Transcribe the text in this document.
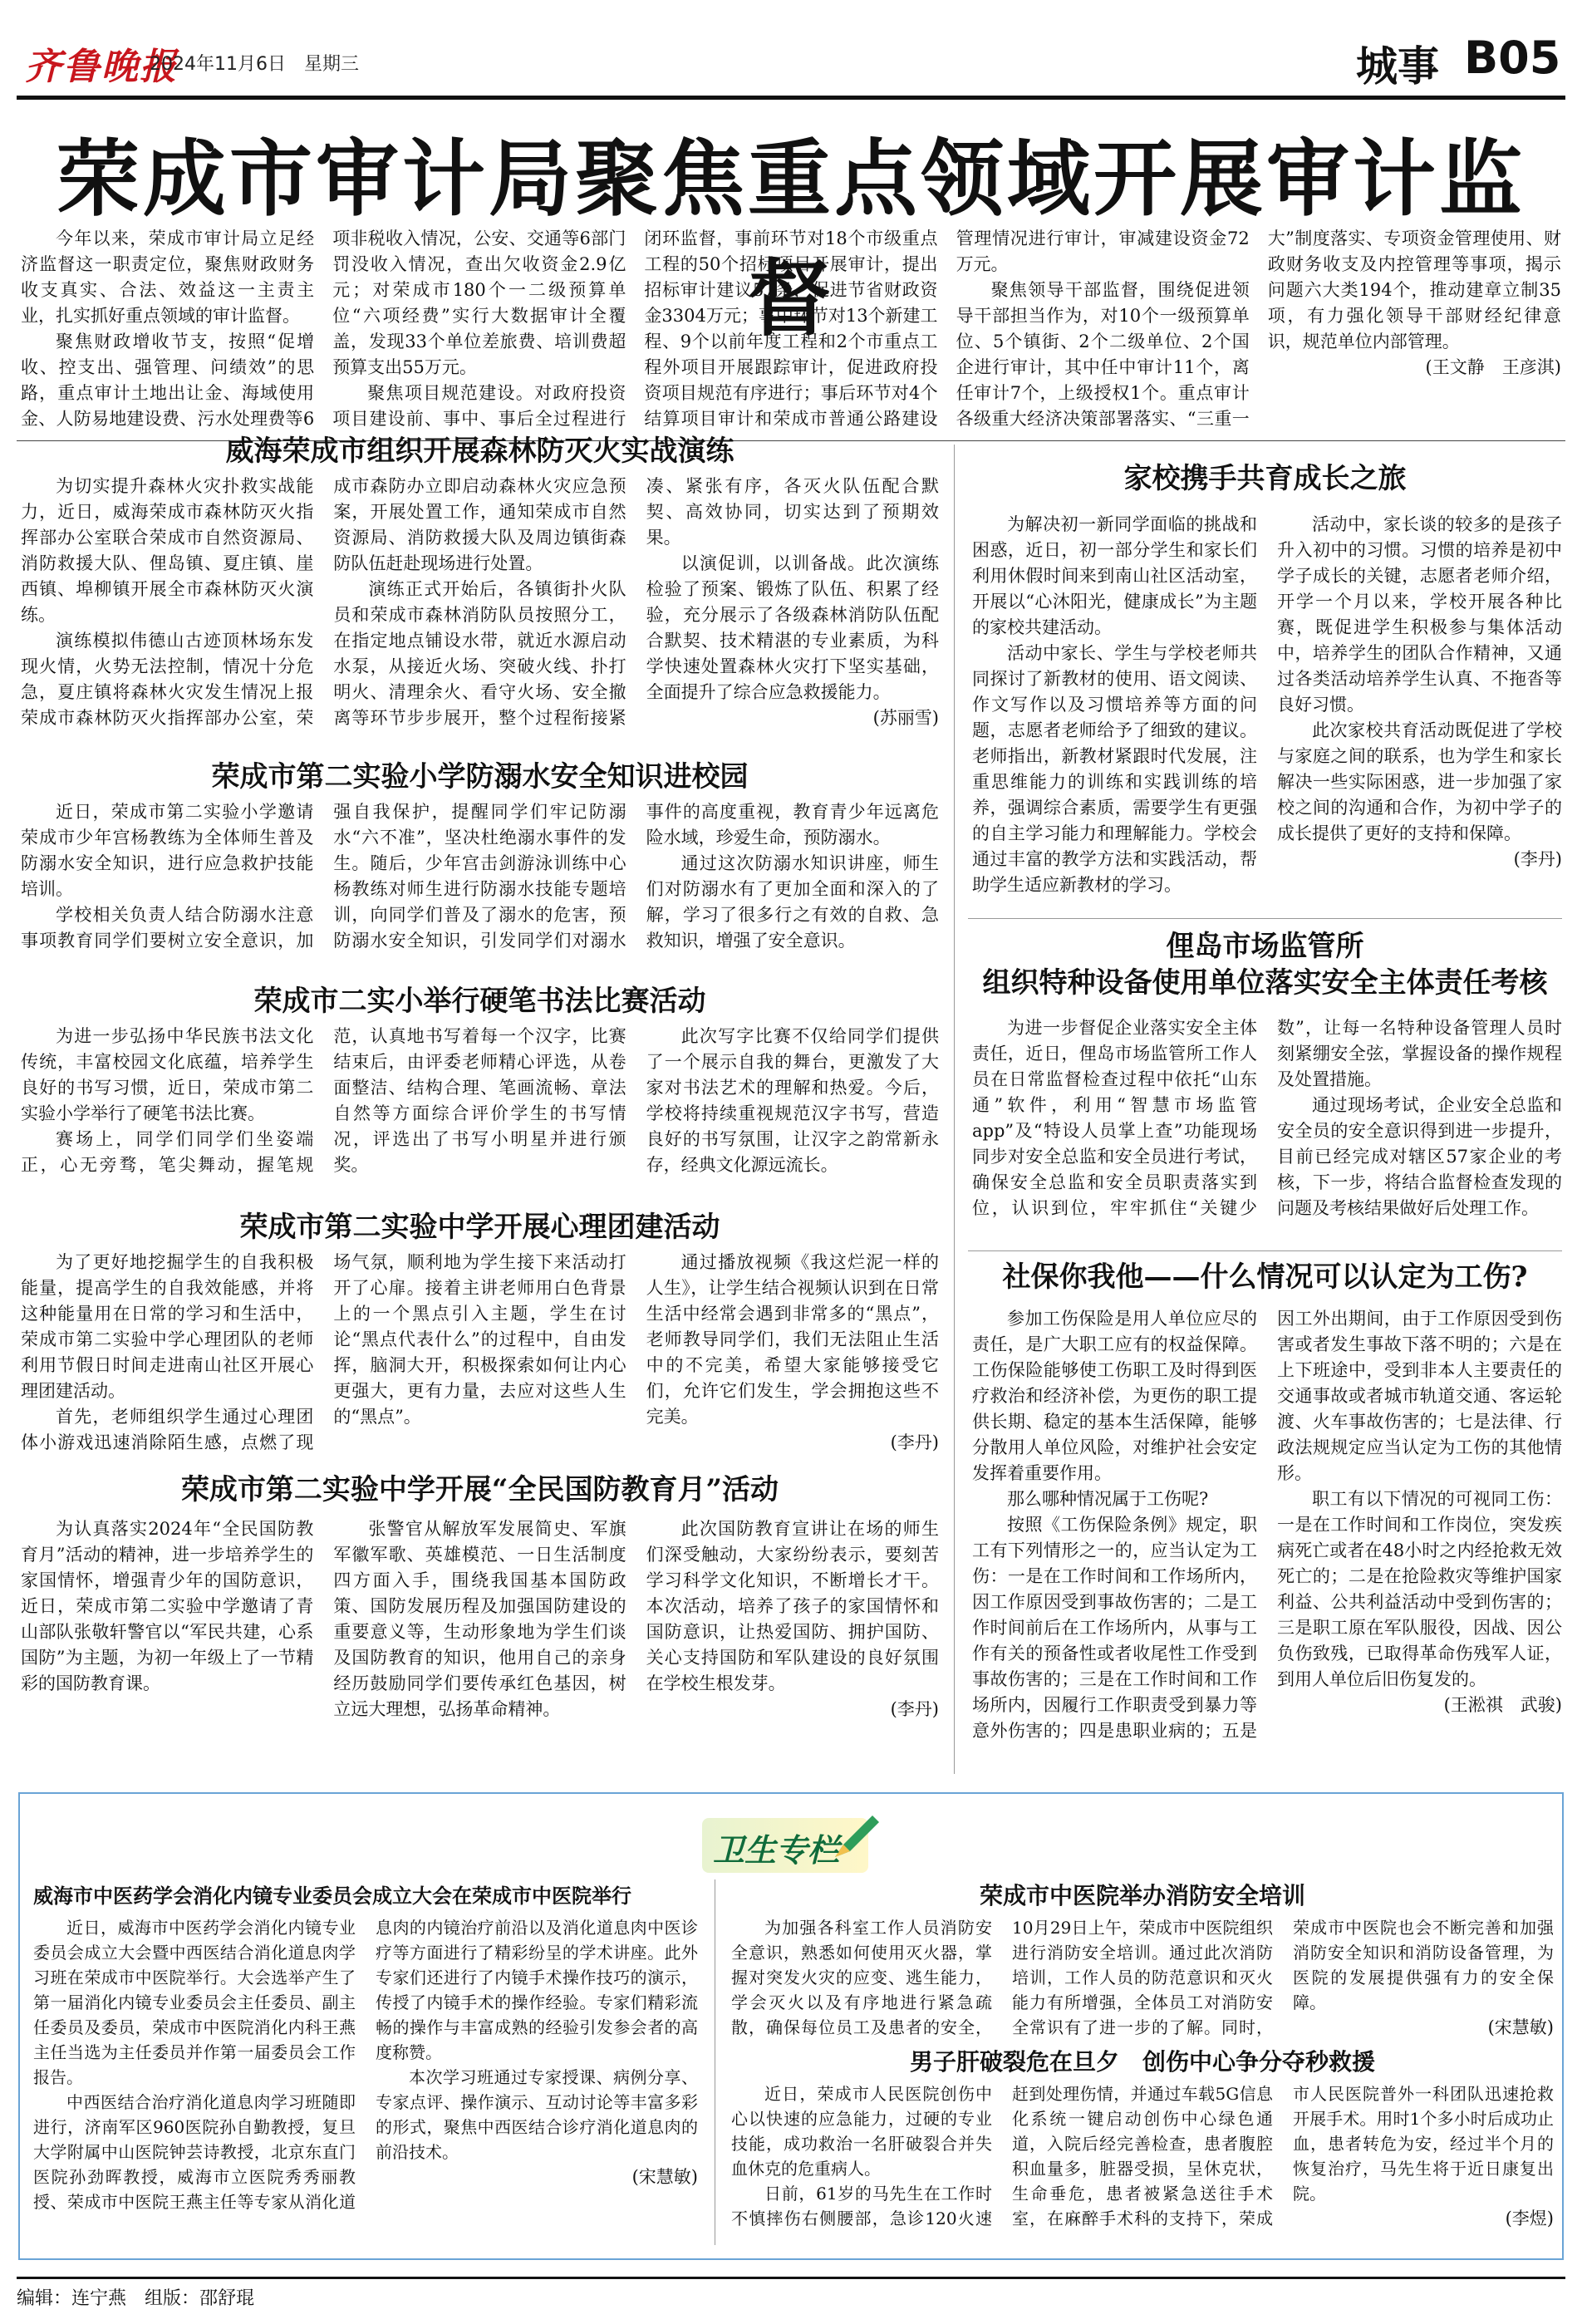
齐鲁晚报
2024年11月6日　星期三	城事 B05
荣成市审计局聚焦重点领域开展审计监督

今年以来，荣成市审计局立足经济监督这一职责定位，聚焦财政财务收支真实、合法、效益这一主责主业，扎实抓好重点领域的审计监督。

聚焦财政增收节支，按照“促增收、控支出、强管理、问绩效”的思路，重点审计土地出让金、海域使用金、人防易地建设费、污水处理费等6项非税收入情况，公安、交通等6部门罚没收入情况，查出欠收资金2.9亿元；对荣成市180个一二级预算单位“六项经费”实行大数据审计全覆盖，发现33个单位差旅费、培训费超预算支出55万元。

聚焦项目规范建设。对政府投资项目建设前、事中、事后全过程进行闭环监督，事前环节对18个市级重点工程的50个招标项目开展审计，提出招标审计建议57条，促进节省财政资金3304万元；事中环节对13个新建工程、9个以前年度工程和2个市重点工程外项目开展跟踪审计，促进政府投资项目规范有序进行；事后环节对4个结算项目审计和荣成市普通公路建设管理情况进行审计，审减建设资金72万元。

聚焦领导干部监督，围绕促进领导干部担当作为，对10个一级预算单位、5个镇街、2个二级单位、2个国企进行审计，其中任中审计11个，离任审计7个，上级授权1个。重点审计各级重大经济决策部署落实、“三重一大”制度落实、专项资金管理使用、财政财务收支及内控管理等事项，揭示问题六大类194个，推动建章立制35项，有力强化领导干部财经纪律意识，规范单位内部管理。

(王文静　王彦淇)
威海荣成市组织开展森林防灭火实战演练

为切实提升森林火灾扑救实战能力，近日，威海荣成市森林防灭火指挥部办公室联合荣成市自然资源局、消防救援大队、俚岛镇、夏庄镇、崖西镇、埠柳镇开展全市森林防灭火演练。

演练模拟伟德山古迹顶林场东发现火情，火势无法控制，情况十分危急，夏庄镇将森林火灾发生情况上报荣成市森林防灭火指挥部办公室，荣成市森防办立即启动森林火灾应急预案，开展处置工作，通知荣成市自然资源局、消防救援大队及周边镇街森防队伍赶赴现场进行处置。

演练正式开始后，各镇街扑火队员和荣成市森林消防队员按照分工，在指定地点铺设水带，就近水源启动水泵，从接近火场、突破火线、扑打明火、清理余火、看守火场、安全撤离等环节步步展开，整个过程衔接紧凑、紧张有序，各灭火队伍配合默契、高效协同，切实达到了预期效果。

以演促训，以训备战。此次演练检验了预案、锻炼了队伍、积累了经验，充分展示了各级森林消防队伍配合默契、技术精湛的专业素质，为科学快速处置森林火灾打下坚实基础，全面提升了综合应急救援能力。

(苏丽雪)
荣成市第二实验小学防溺水安全知识进校园

近日，荣成市第二实验小学邀请荣成市少年宫杨教练为全体师生普及防溺水安全知识，进行应急救护技能培训。

学校相关负责人结合防溺水注意事项教育同学们要树立安全意识，加强自我保护，提醒同学们牢记防溺水“六不准”，坚决杜绝溺水事件的发生。随后，少年宫击剑游泳训练中心杨教练对师生进行防溺水技能专题培训，向同学们普及了溺水的危害，预防溺水安全知识，引发同学们对溺水事件的高度重视，教育青少年远离危险水域，珍爱生命，预防溺水。

通过这次防溺水知识讲座，师生们对防溺水有了更加全面和深入的了解，学习了很多行之有效的自救、急救知识，增强了安全意识。

荣成市二实小举行硬笔书法比赛活动

为进一步弘扬中华民族书法文化传统，丰富校园文化底蕴，培养学生良好的书写习惯，近日，荣成市第二实验小学举行了硬笔书法比赛。

赛场上，同学们同学们坐姿端正，心无旁骛，笔尖舞动，握笔规范，认真地书写着每一个汉字，比赛结束后，由评委老师精心评选，从卷面整洁、结构合理、笔画流畅、章法自然等方面综合评价学生的书写情况，评选出了书写小明星并进行颁奖。

此次写字比赛不仅给同学们提供了一个展示自我的舞台，更激发了大家对书法艺术的理解和热爱。今后，学校将持续重视规范汉字书写，营造良好的书写氛围，让汉字之韵常新永存，经典文化源远流长。

荣成市第二实验中学开展心理团建活动

为了更好地挖掘学生的自我积极能量，提高学生的自我效能感，并将这种能量用在日常的学习和生活中，荣成市第二实验中学心理团队的老师利用节假日时间走进南山社区开展心理团建活动。

首先，老师组织学生通过心理团体小游戏迅速消除陌生感，点燃了现场气氛，顺利地为学生接下来活动打开了心扉。接着主讲老师用白色背景上的一个黑点引入主题，学生在讨论“黑点代表什么”的过程中，自由发挥，脑洞大开，积极探索如何让内心更强大，更有力量，去应对这些人生的“黑点”。

通过播放视频《我这烂泥一样的人生》，让学生结合视频认识到在日常生活中经常会遇到非常多的“黑点”，老师教导同学们，我们无法阻止生活中的不完美，希望大家能够接受它们，允许它们发生，学会拥抱这些不完美。

(李丹)
荣成市第二实验中学开展“全民国防教育月”活动

为认真落实2024年“全民国防教育月”活动的精神，进一步培养学生的家国情怀，增强青少年的国防意识，近日，荣成市第二实验中学邀请了青山部队张敬轩警官以“军民共建，心系国防”为主题，为初一年级上了一节精彩的国防教育课。

张警官从解放军发展简史、军旗军徽军歌、英雄模范、一日生活制度四方面入手，围绕我国基本国防政策、国防发展历程及加强国防建设的重要意义等，生动形象地为学生们谈及国防教育的知识，他用自己的亲身经历鼓励同学们要传承红色基因，树立远大理想，弘扬革命精神。

此次国防教育宣讲让在场的师生们深受触动，大家纷纷表示，要刻苦学习科学文化知识，不断增长才干。本次活动，培养了孩子的家国情怀和国防意识，让热爱国防、拥护国防、关心支持国防和军队建设的良好氛围在学校生根发芽。

(李丹)
家校携手共育成长之旅

为解决初一新同学面临的挑战和困惑，近日，初一部分学生和家长们利用休假时间来到南山社区活动室，开展以“心沐阳光，健康成长”为主题的家校共建活动。

活动中家长、学生与学校老师共同探讨了新教材的使用、语文阅读、作文写作以及习惯培养等方面的问题，志愿者老师给予了细致的建议。老师指出，新教材紧跟时代发展，注重思维能力的训练和实践训练的培养，强调综合素质，需要学生有更强的自主学习能力和理解能力。学校会通过丰富的教学方法和实践活动，帮助学生适应新教材的学习。

活动中，家长谈的较多的是孩子升入初中的习惯。习惯的培养是初中学子成长的关键，志愿者老师介绍，开学一个月以来，学校开展各种比赛，既促进学生积极参与集体活动中，培养学生的团队合作精神，又通过各类活动培养学生认真、不拖沓等良好习惯。

此次家校共育活动既促进了学校与家庭之间的联系，也为学生和家长解决一些实际困惑，进一步加强了家校之间的沟通和合作，为初中学子的成长提供了更好的支持和保障。

(李丹)
俚岛市场监管所
组织特种设备使用单位落实安全主体责任考核

为进一步督促企业落实安全主体责任，近日，俚岛市场监管所工作人员在日常监督检查过程中依托“山东通”软件，利用“智慧市场监管app”及“特设人员掌上查”功能现场同步对安全总监和安全员进行考试，确保安全总监和安全员职责落实到位，认识到位，牢牢抓住“关键少数”，让每一名特种设备管理人员时刻紧绷安全弦，掌握设备的操作规程及处置措施。

通过现场考试，企业安全总监和安全员的安全意识得到进一步提升，目前已经完成对辖区57家企业的考核，下一步，将结合监督检查发现的问题及考核结果做好后处理工作。

社保你我他——什么情况可以认定为工伤?

参加工伤保险是用人单位应尽的责任，是广大职工应有的权益保障。工伤保险能够使工伤职工及时得到医疗救治和经济补偿，为更伤的职工提供长期、稳定的基本生活保障，能够分散用人单位风险，对维护社会安定发挥着重要作用。

那么哪种情况属于工伤呢?

按照《工伤保险条例》规定，职工有下列情形之一的，应当认定为工伤：一是在工作时间和工作场所内，因工作原因受到事故伤害的；二是工作时间前后在工作场所内，从事与工作有关的预备性或者收尾性工作受到事故伤害的；三是在工作时间和工作场所内，因履行工作职责受到暴力等意外伤害的；四是患职业病的；五是因工外出期间，由于工作原因受到伤害或者发生事故下落不明的；六是在上下班途中，受到非本人主要责任的交通事故或者城市轨道交通、客运轮渡、火车事故伤害的；七是法律、行政法规规定应当认定为工伤的其他情形。

职工有以下情况的可视同工伤：一是在工作时间和工作岗位，突发疾病死亡或者在48小时之内经抢救无效死亡的；二是在抢险救灾等维护国家利益、公共利益活动中受到伤害的；三是职工原在军队服役，因战、因公负伤致残，已取得革命伤残军人证，到用人单位后旧伤复发的。

(王淞祺　武骏)
卫生专栏
威海市中医药学会消化内镜专业委员会成立大会在荣成市中医院举行

近日，威海市中医药学会消化内镜专业委员会成立大会暨中西医结合消化道息肉学习班在荣成市中医院举行。大会选举产生了第一届消化内镜专业委员会主任委员、副主任委员及委员，荣成市中医院消化内科王燕主任当选为主任委员并作第一届委员会工作报告。

中西医结合治疗消化道息肉学习班随即进行，济南军区960医院孙自勤教授，复旦大学附属中山医院钟芸诗教授，北京东直门医院孙劲晖教授，威海市立医院秀秀丽教授、荣成市中医院王燕主任等专家从消化道息肉的内镜治疗前沿以及消化道息肉中医诊疗等方面进行了精彩纷呈的学术讲座。此外专家们还进行了内镜手术操作技巧的演示，传授了内镜手术的操作经验。专家们精彩流畅的操作与丰富成熟的经验引发参会者的高度称赞。

本次学习班通过专家授课、病例分享、专家点评、操作演示、互动讨论等丰富多彩的形式，聚焦中西医结合诊疗消化道息肉的前沿技术。

(宋慧敏)
荣成市中医院举办消防安全培训

为加强各科室工作人员消防安全意识，熟悉如何使用灭火器，掌握对突发火灾的应变、逃生能力，学会灭火以及有序地进行紧急疏散，确保每位员工及患者的安全，10月29日上午，荣成市中医院组织进行消防安全培训。通过此次消防培训，工作人员的防范意识和灭火能力有所增强，全体员工对消防安全常识有了进一步的了解。同时，荣成市中医院也会不断完善和加强消防安全知识和消防设备管理，为医院的发展提供强有力的安全保障。

(宋慧敏)
男子肝破裂危在旦夕　创伤中心争分夺秒救援

近日，荣成市人民医院创伤中心以快速的应急能力，过硬的专业技能，成功救治一名肝破裂合并失血休克的危重病人。

日前，61岁的马先生在工作时不慎摔伤右侧腰部，急诊120火速赶到处理伤情，并通过车载5G信息化系统一键启动创伤中心绿色通道，入院后经完善检查，患者腹腔积血量多，脏器受损，呈休克状，生命垂危，患者被紧急送往手术室，在麻醉手术科的支持下，荣成市人民医院普外一科团队迅速抢救开展手术。用时1个多小时后成功止血，患者转危为安，经过半个月的恢复治疗，马先生将于近日康复出院。

(李煜)
编辑：连宁燕　组版：邵舒琨
